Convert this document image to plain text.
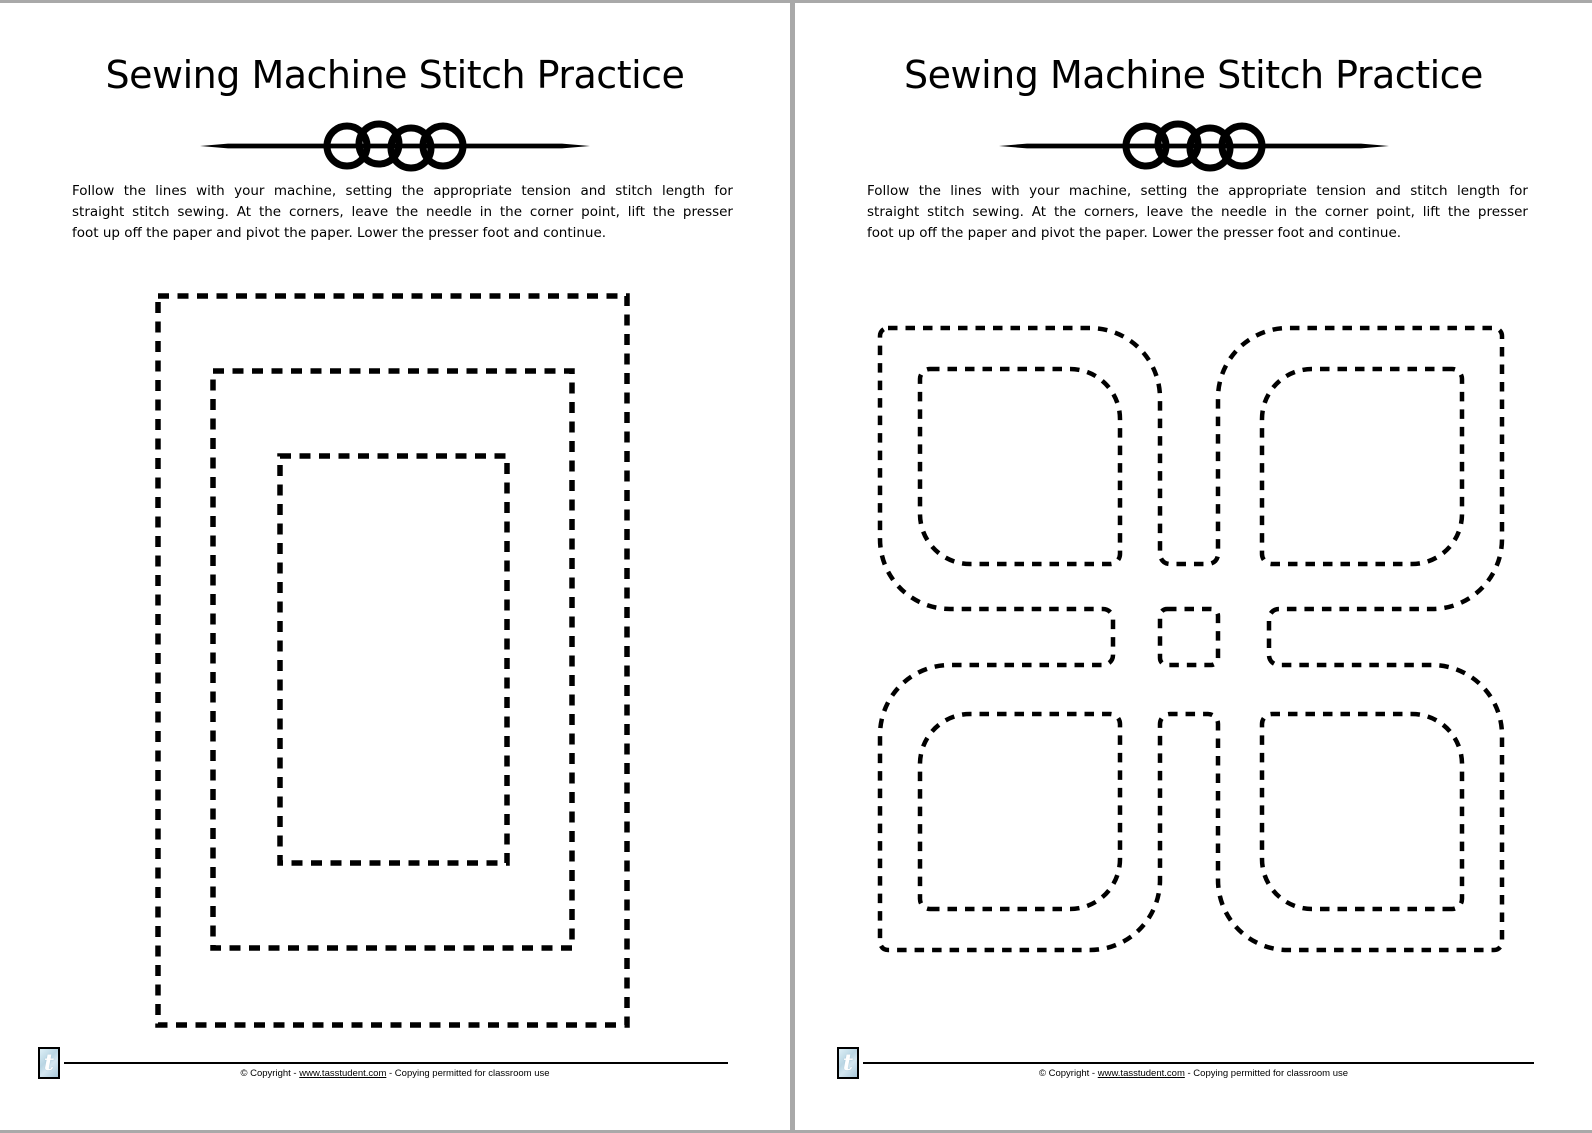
Sewing Machine Stitch Practice
Follow the lines with your machine, setting the appropriate tension and stitch length for
straight stitch sewing. At the corners, leave the needle in the corner point, lift the presser
foot up off the paper and pivot the paper. Lower the presser foot and continue.
t	© Copyright - www.tasstudent.com - Copying permitted for classroom use
Sewing Machine Stitch Practice
Follow the lines with your machine, setting the appropriate tension and stitch length for
straight stitch sewing. At the corners, leave the needle in the corner point, lift the presser
foot up off the paper and pivot the paper. Lower the presser foot and continue.
t	© Copyright - www.tasstudent.com - Copying permitted for classroom use
